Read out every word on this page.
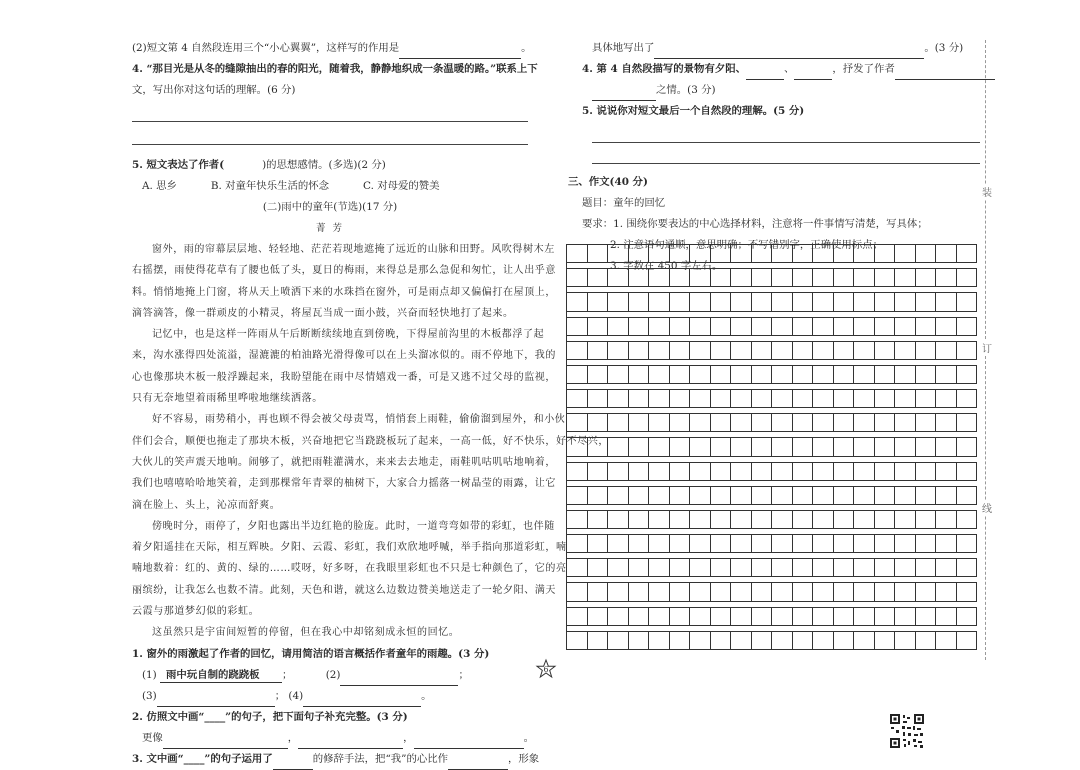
(2)短文第 4 自然段连用三个“小心翼翼”，这样写的作用是	。
4. “那目光是从冬的缝隙抽出的春的阳光，随着我，静静地织成一条温暖的路。”联系上下
文，写出你对这句话的理解。(6 分)
5. 短文表达了作者(	)的思想感情。(多选)(2 分)
A. 思乡	B. 对童年快乐生活的怀念	C. 对母爱的赞美
(二)雨中的童年(节选)(17 分)
菁 芳
窗外，雨的帘幕层层地、轻轻地、茫茫若现地遮掩了远近的山脉和田野。风吹得树木左
右摇摆，雨使得花草有了腰也低了头，夏日的梅雨，来得总是那么急促和匆忙，让人出乎意
料。悄悄地掩上门窗，将从天上喷洒下来的水珠挡在窗外，可是雨点却又偏偏打在屋顶上，
滴答滴答，像一群顽皮的小精灵，将屋瓦当成一面小鼓，兴奋而轻快地打了起来。
记忆中，也是这样一阵雨从午后断断续续地直到傍晚，下得屋前沟里的木板都浮了起
来，沟水涨得四处流溢，湿漉漉的柏油路光滑得像可以在上头溜冰似的。雨不停地下，我的
心也像那块木板一般浮躁起来，我盼望能在雨中尽情嬉戏一番，可是又逃不过父母的监视，
只有无奈地望着雨稀里哗啦地继续洒落。
好不容易，雨势稍小，再也顾不得会被父母责骂，悄悄套上雨鞋，偷偷溜到屋外，和小伙
伴们会合，顺便也拖走了那块木板，兴奋地把它当跷跷板玩了起来，一高一低，好不快乐，好不尽兴，
大伙儿的笑声震天地响。闹够了，就把雨鞋灌满水，来来去去地走，雨鞋叽咕叽咕地响着，
我们也嘻嘻哈哈地笑着，走到那棵常年青翠的柚树下，大家合力摇落一树晶莹的雨露，让它
滴在脸上、头上，沁凉而舒爽。
傍晚时分，雨停了，夕阳也露出半边红艳的脸庞。此时，一道弯弯如带的彩虹，也伴随
着夕阳遥挂在天际，相互辉映。夕阳、云霞、彩虹，我们欢欣地呼喊，举手指向那道彩虹，喃
喃地数着：红的、黄的、绿的……哎呀，好多呀，在我眼里彩虹也不只是七种颜色了，它的亮
丽缤纷，让我怎么也数不清。此刻，天色和谐，就这么边数边赞美地送走了一轮夕阳、满天
云霞与那道梦幻似的彩虹。
这虽然只是宇宙间短暂的停留，但在我心中却铭刻成永恒的回忆。
1. 窗外的雨激起了作者的回忆，请用简洁的语言概括作者童年的雨趣。(3 分)
(1) 雨中玩自制的跷跷板 ；	(2)	；
(3)	； (4)	。
2. 仿照文中画“____”的句子，把下面句子补充完整。(3 分)
更像	，	，	。
3. 文中画“____”的句子运用了	的修辞手法，把“我”的心比作	，形象
具体地写出了	。(3 分)
4. 第 4 自然段描写的景物有夕阳、	、	，抒发了作者
之情。(3 分)
5. 说说你对短文最后一个自然段的理解。(5 分)
三、作文(40 分)
题目：童年的回忆
要求：1. 围绕你要表达的中心选择材料，注意将一件事情写清楚，写具体；
2. 注意语句通顺，意思明确；不写错别字，正确使用标点；
3. 字数在 450 字左右。
装
订
线
6
